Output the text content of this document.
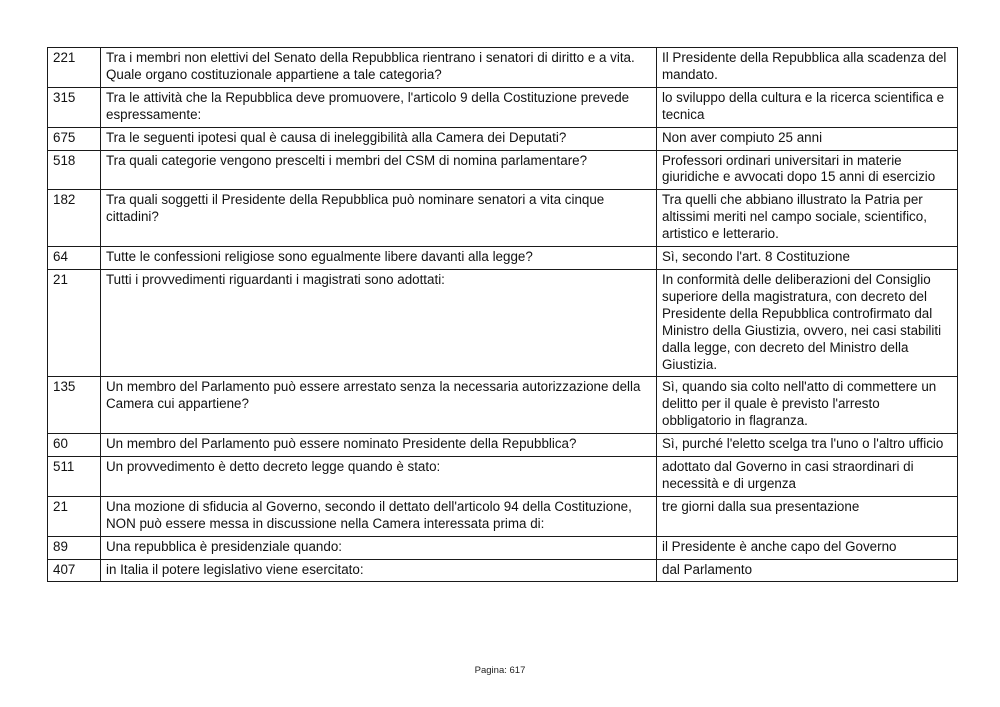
221	Tra i membri non elettivi del Senato della Repubblica rientrano i senatori di diritto e a vita. Quale organo costituzionale appartiene a tale categoria?	Il Presidente della Repubblica alla scadenza del mandato.
315	Tra le attività che la Repubblica deve promuovere, l'articolo 9 della Costituzione prevede espressamente:	lo sviluppo della cultura e la ricerca scientifica e tecnica
675	Tra le seguenti ipotesi qual è causa di ineleggibilità alla Camera dei Deputati?	Non aver compiuto 25 anni
518	Tra quali categorie vengono prescelti i membri del CSM di nomina parlamentare?	Professori ordinari universitari in materie giuridiche e avvocati dopo 15 anni di esercizio
182	Tra quali soggetti il Presidente della Repubblica può nominare senatori a vita cinque cittadini?	Tra quelli che abbiano illustrato la Patria per altissimi meriti nel campo sociale, scientifico, artistico e letterario.
64	Tutte le confessioni religiose sono egualmente libere davanti alla legge?	Sì, secondo l'art. 8 Costituzione
21	Tutti i provvedimenti riguardanti i magistrati sono adottati:	In conformità delle deliberazioni del Consiglio superiore della magistratura, con decreto del Presidente della Repubblica controfirmato dal Ministro della Giustizia, ovvero, nei casi stabiliti dalla legge, con decreto del Ministro della Giustizia.
135	Un membro del Parlamento può essere arrestato senza la necessaria autorizzazione della Camera cui appartiene?	Sì, quando sia colto nell'atto di commettere un delitto per il quale è previsto l'arresto obbligatorio in flagranza.
60	Un membro del Parlamento può essere nominato Presidente della Repubblica?	Sì, purché l'eletto scelga tra l'uno o l'altro ufficio
511	Un provvedimento è detto decreto legge quando è stato:	adottato dal Governo in casi straordinari di necessità e di urgenza
21	Una mozione di sfiducia al Governo, secondo il dettato dell'articolo 94 della Costituzione, NON può essere messa in discussione nella Camera interessata prima di:	tre giorni dalla sua presentazione
89	Una repubblica è presidenziale quando:	il Presidente è anche capo del Governo
407	in Italia il potere legislativo viene esercitato:	dal Parlamento
Pagina: 617
